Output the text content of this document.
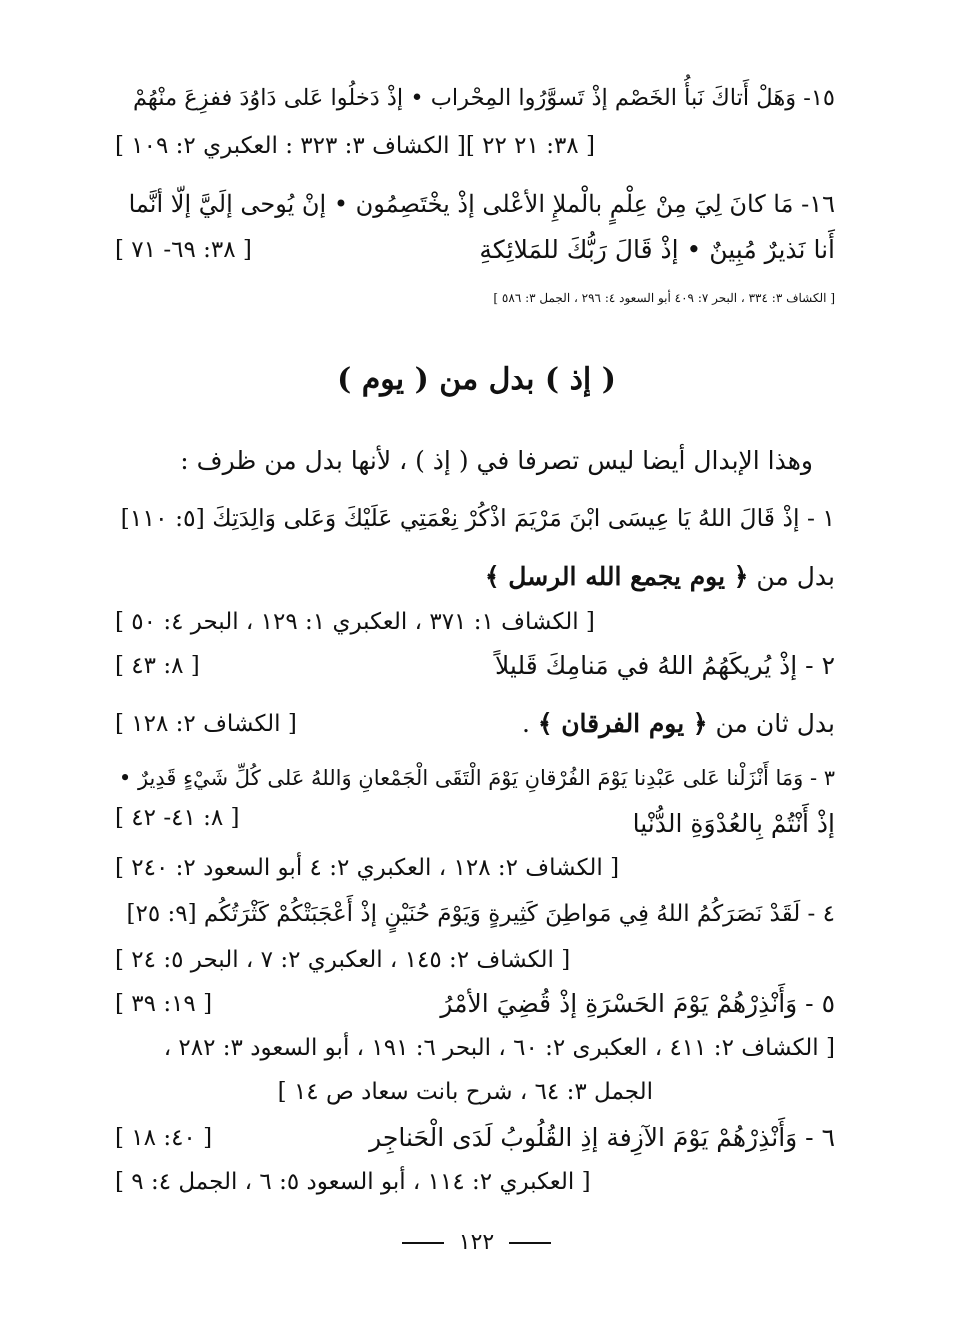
١٥- وَهَلْ أَتاكَ نَبأُ الخَصْم إذْ تَسوَّرُوا المِحْراب • إذْ دَخلُوا عَلى دَاوُدَ ففزِعَ منْهُمْ
[ ٣٨: ٢١ ٢٢ ][ الكشاف ٣: ٣٢٣ : العكبري ٢: ١٠٩ ]
١٦- مَا كانَ لِيَ مِنْ عِلْمٍ بالْملإِ الأعْلى إذْ يخْتَصِمُون • إنْ يُوحى إلَيَّ إلّا أنَّما
أَنا نَذيرٌ مُبِينٌ • إذْ قَالَ رَبُّكَ للمَلائِكةِ
[ ٣٨: ٦٩- ٧١ ]
[ الكشاف ٣: ٣٣٤ ، البحر ٧: ٤٠٩ أبو السعود ٤: ٢٩٦ ، الجمل ٣: ٥٨٦ ]
( إذ ) بدل من ( يوم )
وهذا الإبدال أيضا ليس تصرفا في ( إذ ) ، لأنها بدل من ظرف :
١ - إذْ قَالَ اللهُ يَا عِيسَى ابْنَ مَرْيَمَ اذْكُرْ نِعْمَتِي عَلَيْكَ وَعَلى وَالِدَتِكَ [٥: ١١٠]
بدل من ﴿ يوم يجمع الله الرسل ﴾
[ الكشاف ١: ٣٧١ ، العكبري ١: ١٢٩ ، البحر ٤: ٥٠ ]
٢ - إذْ يُريكَهُمُ اللهُ في مَنامِكَ قَليلاً
[ ٨: ٤٣ ]
بدل ثان من ﴿ يوم الفرقان ﴾ .
[ الكشاف ٢: ١٢٨ ]
٣ - وَمَا أَنْزَلْنا عَلى عَبْدِنا يَوْمَ الفُرْقانِ يَوْمَ الْتَقَى الْجَمْعانِ وَاللهُ عَلى كُلِّ شَيْءٍ قَدِيرٌ •
إذْ أَنْتُمْ بِالعُدْوَةِ الدُّنْيا
[ ٨: ٤١- ٤٢ ]
[ الكشاف ٢: ١٢٨ ، العكبري ٢: ٤ أبو السعود ٢: ٢٤٠ ]
٤ - لَقَدْ نَصَرَكُمُ اللهُ فِي مَواطِنَ كَثِيرةٍ وَيَوْمَ حُنَيْنٍ إذْ أَعْجَبَتْكُمْ كَثْرَتُكُم [٩: ٢٥]
[ الكشاف ٢: ١٤٥ ، العكبري ٢: ٧ ، البحر ٥: ٢٤ ]
٥ - وَأَنْذِرْهُمْ يَوْمَ الحَسْرَةِ إذْ قُضِيَ الأمْرُ
[ ١٩: ٣٩ ]
[ الكشاف ٢: ٤١١ ، العكبرى ٢: ٦٠ ، البحر ٦: ١٩١ ، أبو السعود ٣: ٢٨٢ ،
الجمل ٣: ٦٤ ، شرح بانت سعاد ص ١٤ ]
٦ - وَأَنْذِرْهُمْ يَوْمَ الآزِفة إذِ القُلُوبُ لَدَى الْحَناجِر
[ ٤٠: ١٨ ]
[ العكبري ٢: ١١٤ ، أبو السعود ٥: ٦ ، الجمل ٤: ٩ ]
١٢٢
